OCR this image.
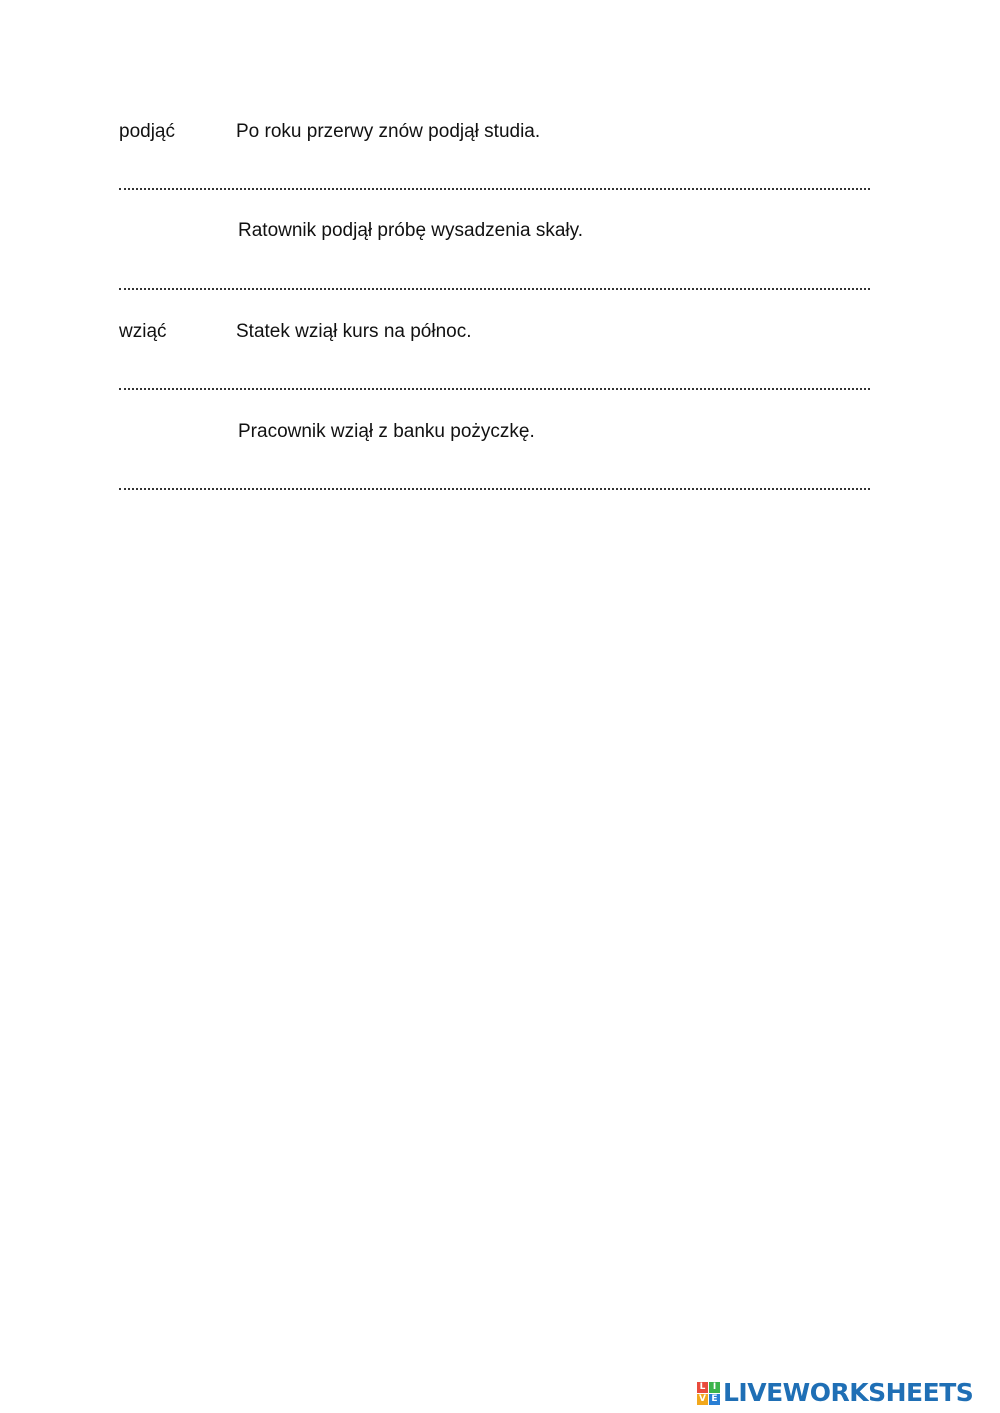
podjąć	Po roku przerwy znów podjął studia.
Ratownik podjął próbę wysadzenia skały.
wziąć	Statek wziął kurs na północ.
Pracownik wziął z banku pożyczkę.
L I
V E LIVEWORKSHEETS
